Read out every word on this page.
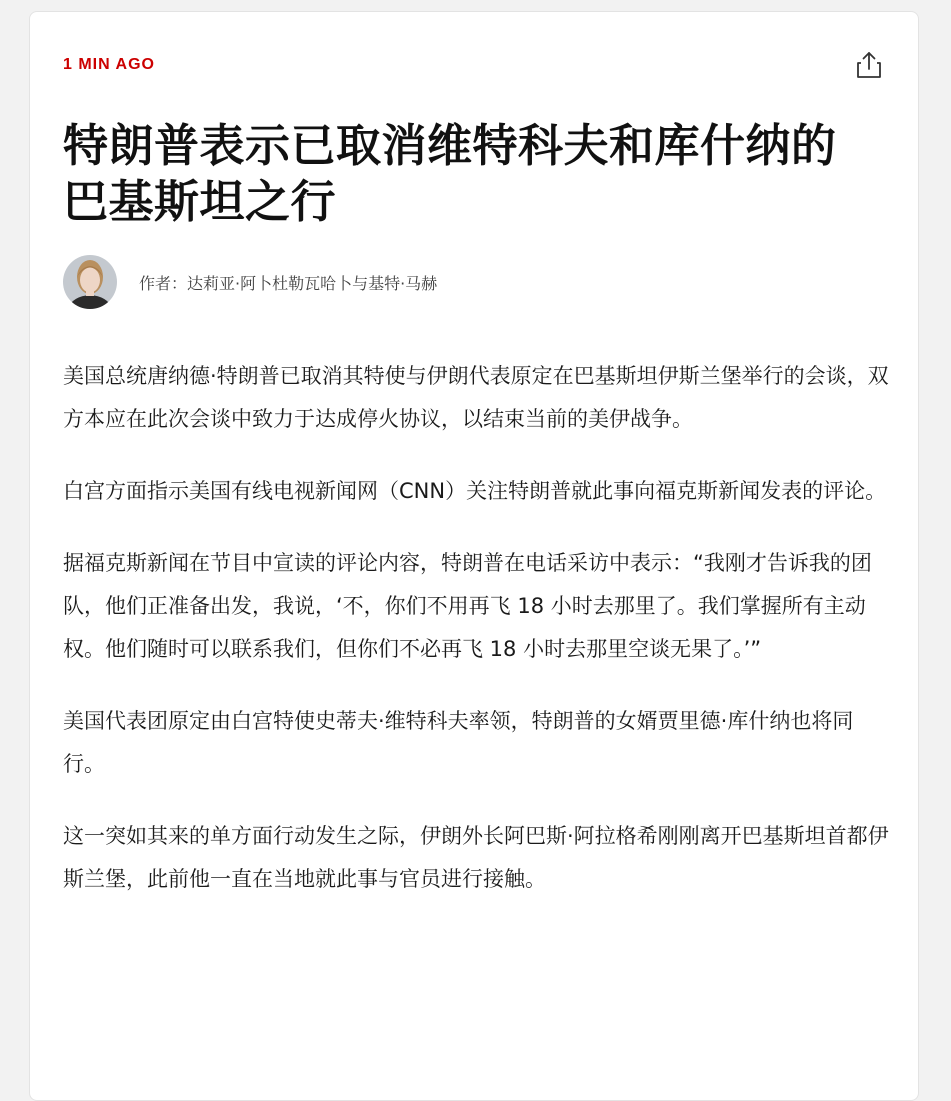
1 MIN AGO
特朗普表示已取消维特科夫和库什纳的巴基斯坦之行
作者：达莉亚·阿卜杜勒瓦哈卜与基特·马赫

美国总统唐纳德·特朗普已取消其特使与伊朗代表原定在巴基斯坦伊斯兰堡举行的会谈，双方本应在此次会谈中致力于达成停火协议，以结束当前的美伊战争。

白宫方面指示美国有线电视新闻网（CNN）关注特朗普就此事向福克斯新闻发表的评论。

据福克斯新闻在节目中宣读的评论内容，特朗普在电话采访中表示：“我刚才告诉我的团队，他们正准备出发，我说，‘不，你们不用再飞 18 小时去那里了。我们掌握所有主动权。他们随时可以联系我们，但你们不必再飞 18 小时去那里空谈无果了。’”

美国代表团原定由白宫特使史蒂夫·维特科夫率领，特朗普的女婿贾里德·库什纳也将同行。

这一突如其来的单方面行动发生之际，伊朗外长阿巴斯·阿拉格希刚刚离开巴基斯坦首都伊斯兰堡，此前他一直在当地就此事与官员进行接触。
